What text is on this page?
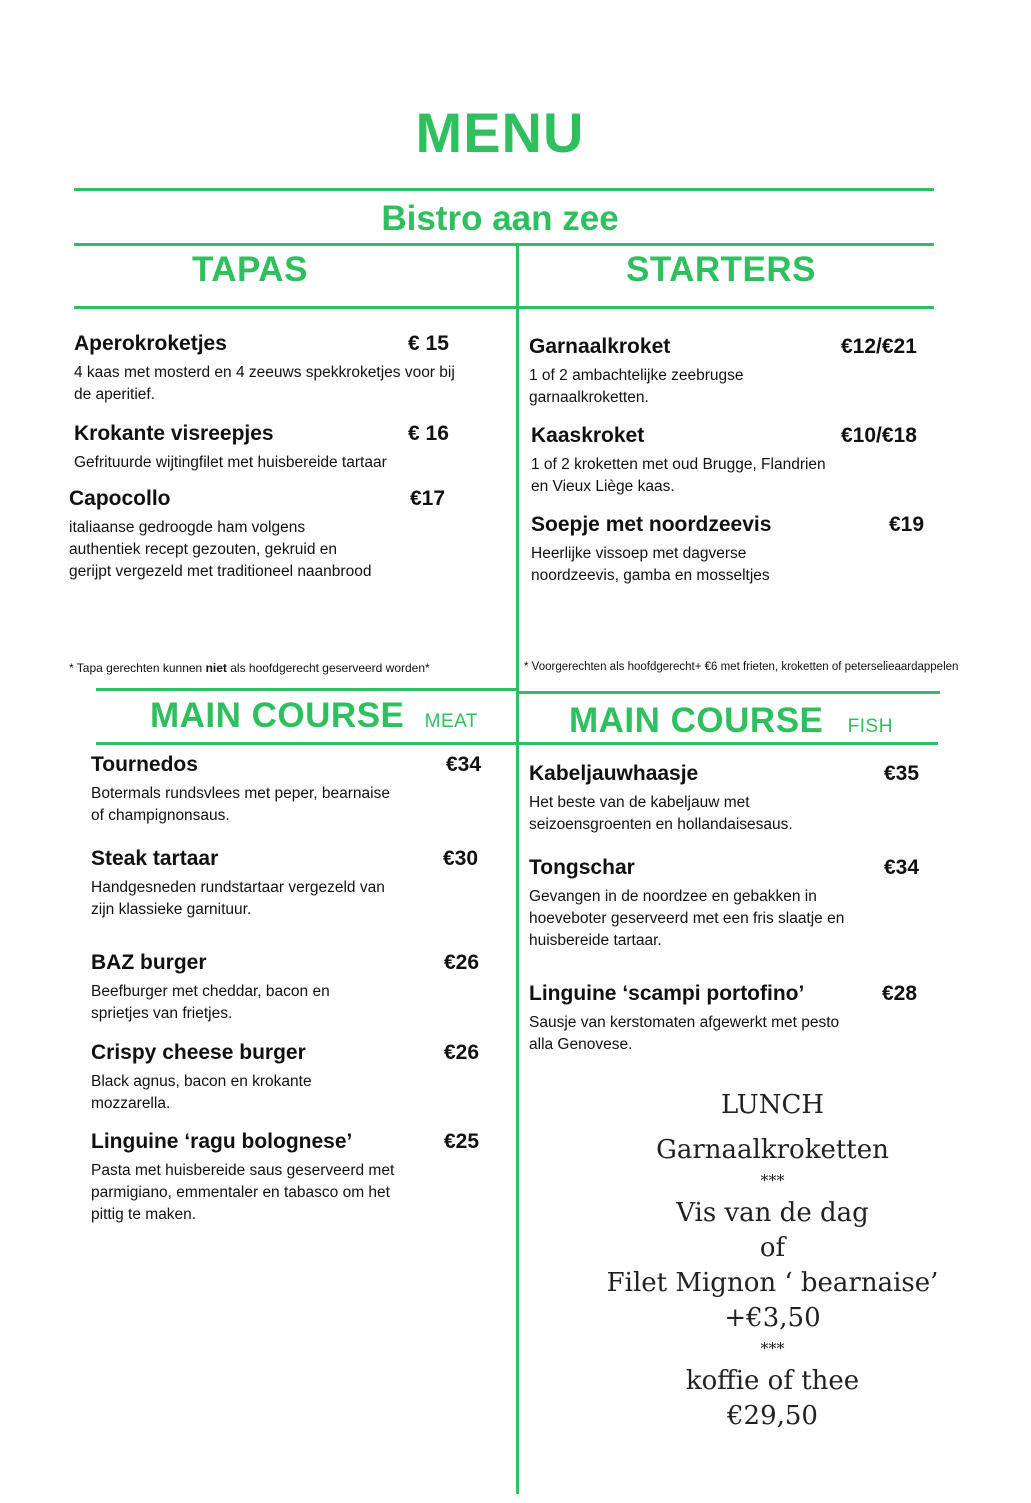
MENU
Bistro aan zee
TAPAS	STARTERS
Aperokroketjes	€ 15
4 kaas met mosterd en 4 zeeuws spekkroketjes voor bij de aperitief.
Krokante visreepjes	€ 16
Gefrituurde wijtingfilet met huisbereide tartaar
Capocollo	€17
italiaanse gedroogde ham volgens authentiek recept gezouten, gekruid en gerijpt vergezeld met traditioneel naanbrood
Garnaalkroket	€12/€21
1 of 2 ambachtelijke zeebrugse garnaalkroketten.
Kaaskroket	€10/€18
1 of 2 kroketten met oud Brugge, Flandrien en Vieux Liège kaas.
Soepje met noordzeevis	€19
Heerlijke vissoep met dagverse noordzeevis, gamba en mosseltjes
* Tapa gerechten kunnen niet als hoofdgerecht geserveerd worden*	* Voorgerechten als hoofdgerecht+ €6 met frieten, kroketten of peterselieaardappelen
MAIN COURSE MEAT	MAIN COURSE FISH
Tournedos	€34
Botermals rundsvlees met peper, bearnaise of champignonsaus.
Steak tartaar	€30
Handgesneden rundstartaar vergezeld van zijn klassieke garnituur.
BAZ burger	€26
Beefburger met cheddar, bacon en sprietjes van frietjes.
Crispy cheese burger	€26
Black agnus, bacon en krokante mozzarella.
Linguine ‘ragu bolognese’	€25
Pasta met huisbereide saus geserveerd met parmigiano, emmentaler en tabasco om het pittig te maken.
Kabeljauwhaasje	€35
Het beste van de kabeljauw met seizoensgroenten en hollandaisesaus.
Tongschar	€34
Gevangen in de noordzee en gebakken in hoeveboter geserveerd met een fris slaatje en huisbereide tartaar.
Linguine ‘scampi portofino’	€28
Sausje van kerstomaten afgewerkt met pesto alla Genovese.
LUNCH
Garnaalkroketten
***
Vis van de dag
of
Filet Mignon ‘ bearnaise’
+€3,50
***
koffie of thee
€29,50
